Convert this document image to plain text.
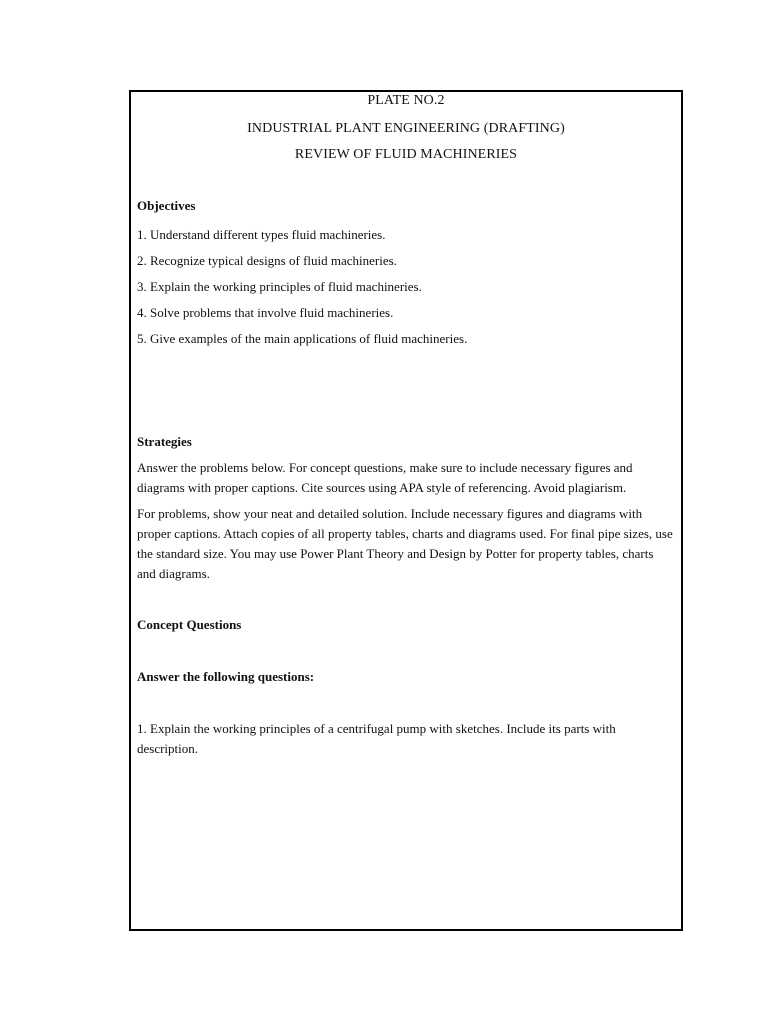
PLATE NO.2
INDUSTRIAL PLANT ENGINEERING (DRAFTING)
REVIEW OF FLUID MACHINERIES
Objectives
1. Understand different types fluid machineries.
2. Recognize typical designs of fluid machineries.
3. Explain the working principles of fluid machineries.
4. Solve problems that involve fluid machineries.
5. Give examples of the main applications of fluid machineries.
Strategies
Answer the problems below. For concept questions, make sure to include necessary figures and diagrams with proper captions. Cite sources using APA style of referencing. Avoid plagiarism.
For problems, show your neat and detailed solution. Include necessary figures and diagrams with proper captions. Attach copies of all property tables, charts and diagrams used. For final pipe sizes, use the standard size. You may use Power Plant Theory and Design by Potter for property tables, charts and diagrams.
Concept Questions
Answer the following questions:
1. Explain the working principles of a centrifugal pump with sketches. Include its parts with description.
